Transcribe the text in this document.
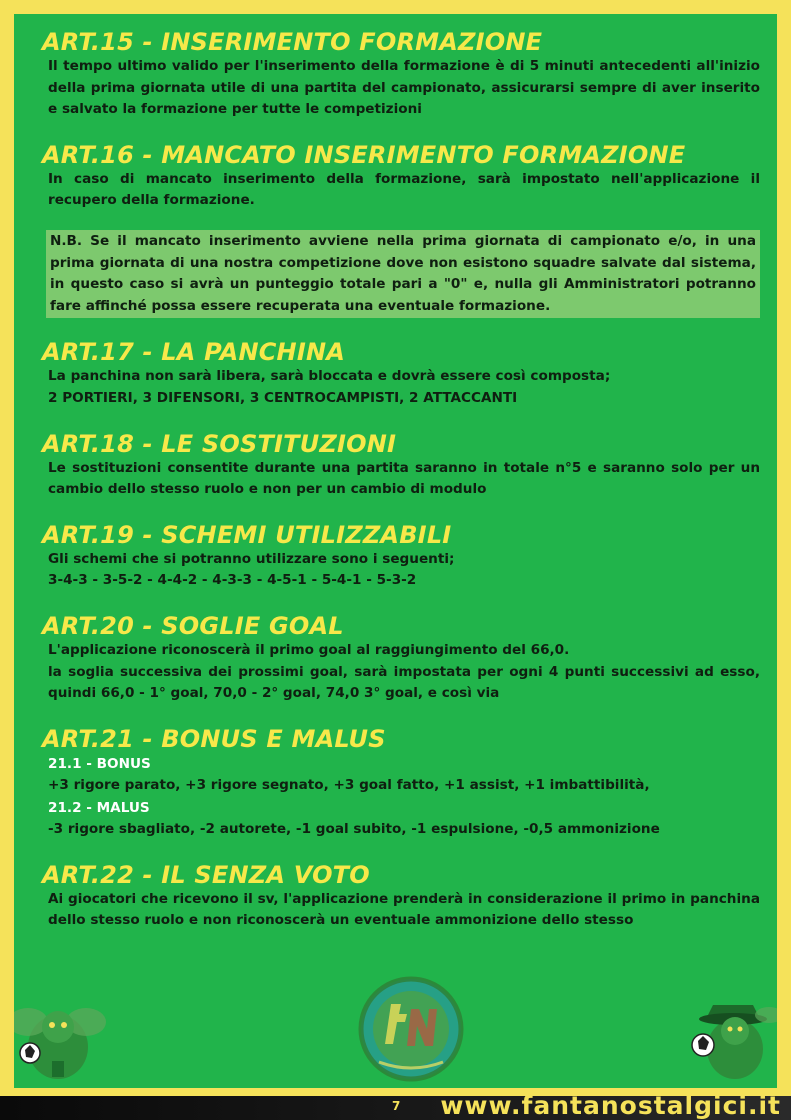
ART.15 - INSERIMENTO FORMAZIONE

Il tempo ultimo valido per l'inserimento della formazione è di 5 minuti antecedenti all'inizio della prima giornata utile di una partita del campionato, assicurarsi sempre di aver inserito e salvato la formazione per tutte le competizioni

ART.16 - MANCATO INSERIMENTO FORMAZIONE

In caso di mancato inserimento della formazione, sarà impostato nell'applicazione il recupero della formazione.

N.B. Se il mancato inserimento avviene nella prima giornata di campionato e/o, in una prima giornata di una nostra competizione dove non esistono squadre salvate dal sistema, in questo caso si avrà un punteggio totale pari a "0" e, nulla gli Amministratori potranno fare affinché possa essere recuperata una eventuale formazione.

ART.17 - LA PANCHINA

La panchina non sarà libera, sarà bloccata e dovrà essere così composta;
2 PORTIERI, 3 DIFENSORI, 3 CENTROCAMPISTI, 2 ATTACCANTI

ART.18 - LE SOSTITUZIONI

Le sostituzioni consentite durante una partita saranno in totale n°5 e saranno solo per un cambio dello stesso ruolo e non per un cambio di modulo

ART.19 - SCHEMI UTILIZZABILI

Gli schemi che si potranno utilizzare sono i seguenti;
3-4-3 - 3-5-2 - 4-4-2 - 4-3-3 - 4-5-1 - 5-4-1 - 5-3-2

ART.20 - SOGLIE GOAL

L'applicazione riconoscerà il primo goal al raggiungimento del 66,0.

la soglia successiva dei prossimi goal, sarà impostata per ogni 4 punti successivi ad esso, quindi 66,0 - 1° goal, 70,0 - 2° goal, 74,0 3° goal, e così via

ART.21 - BONUS E MALUS

21.1 - BONUS

+3 rigore parato, +3 rigore segnato, +3 goal fatto, +1 assist, +1 imbattibilità,

21.2 - MALUS

-3 rigore sbagliato, -2 autorete, -1 goal subito, -1 espulsione, -0,5 ammonizione

ART.22 - IL SENZA VOTO

Ai giocatori che ricevono il sv, l'applicazione prenderà in considerazione il primo in panchina dello stesso ruolo e non riconoscerà un eventuale ammonizione dello stesso

7 www.fantanostalgici.it
